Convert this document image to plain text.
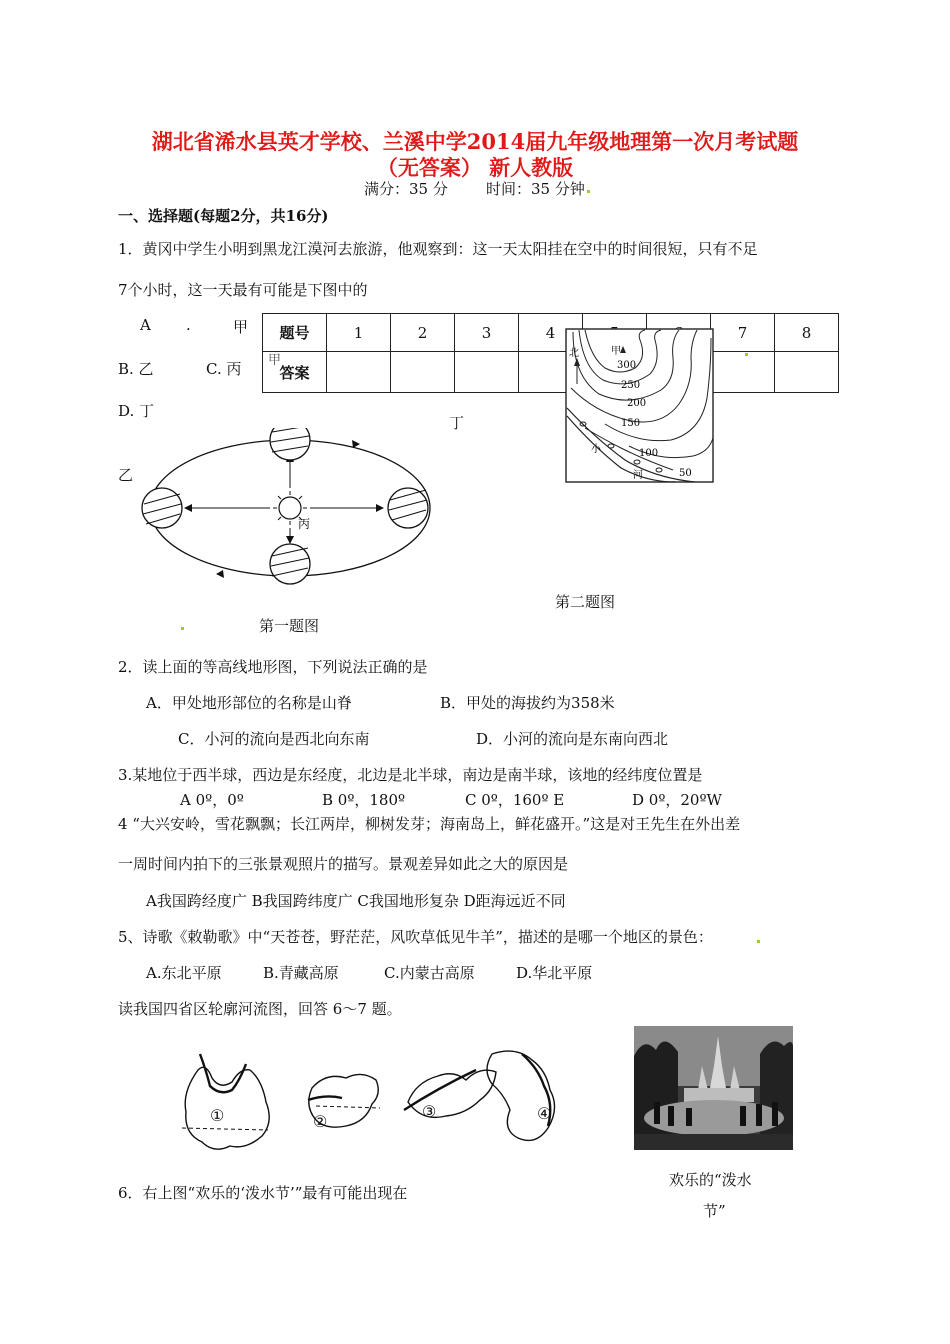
湖北省浠水县英才学校、兰溪中学2014届九年级地理第一次月考试题
（无答案） 新人教版
满分：35 分	时间：35 分钟
一、选择题(每题2分，共16分)
1．黄冈中学生小明到黑龙江漠河去旅游，他观察到：这一天太阳挂在空中的时间很短，只有不足
7个小时，这一天最有可能是下图中的
A .	甲
B. 乙	C. 丙
D. 丁
题号	1	2	3	4			7	8
答案								
北	甲
300
250
200
150
100
50
小
河
丁
第二题图
丙
乙
甲
第一题图
2．读上面的等高线地形图，下列说法正确的是
A．甲处地形部位的名称是山脊	B．甲处的海拔约为358米
C．小河的流向是西北向东南	D．小河的流向是东南向西北
3.某地位于西半球，西边是东经度，北边是北半球，南边是南半球，该地的经纬度位置是
A 0º，0º	B 0º，180º	C 0º，160º E	D 0º，20ºW
4 “大兴安岭，雪花飘飘；长江两岸，柳树发芽；海南岛上，鲜花盛开。”这是对王先生在外出差
一周时间内拍下的三张景观照片的描写。景观差异如此之大的原因是
A我国跨经度广 B我国跨纬度广 C我国地形复杂 D距海远近不同
5、诗歌《敕勒歌》中“天苍苍，野茫茫，风吹草低见牛羊”，描述的是哪一个地区的景色：
A.东北平原	B.青藏高原	C.内蒙古高原	D.华北平原
读我国四省区轮廓河流图，回答 6～7 题。
①	②
③	④
欢乐的“泼水
节”
6．右上图“欢乐的‘泼水节’”最有可能出现在
